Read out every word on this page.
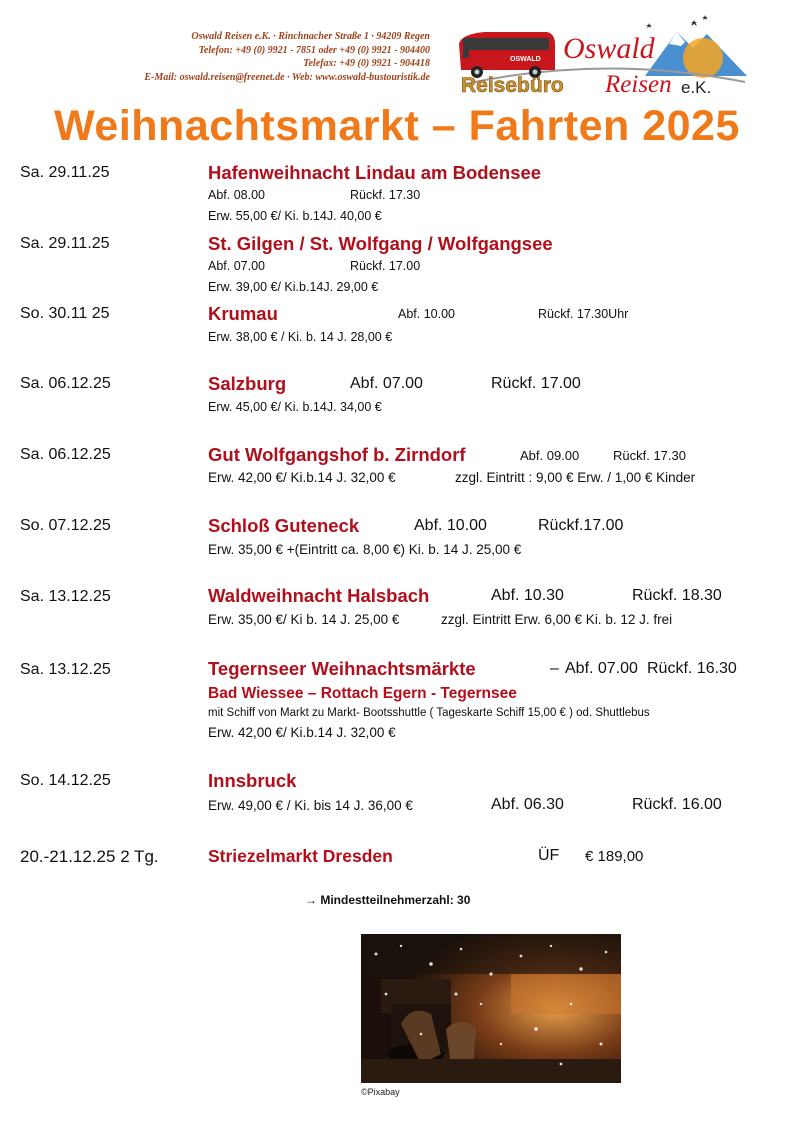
Oswald Reisen e.K. · Rinchnacher Straße 1 · 94209 Regen
Telefon: +49 (0) 9921 - 7851 oder +49 (0) 9921 - 904400
Telefax: +49 (0) 9921 - 904418
E-Mail: oswald.reisen@freenet.de · Web: www.oswald-bustouristik.de
OSWALD Oswald
Reisebüro Reisen e.K.
Weihnachtsmarkt – Fahrten 2025
Sa. 29.11.25	Hafenweihnacht Lindau am Bodensee
Abf. 08.00	Rückf. 17.30
Erw. 55,00 €/ Ki. b.14J. 40,00 €
Sa. 29.11.25	St. Gilgen / St. Wolfgang / Wolfgangsee
Abf. 07.00	Rückf. 17.00
Erw. 39,00 €/ Ki.b.14J. 29,00 €
So. 30.11 25	Krumau	Abf. 10.00	Rückf. 17.30Uhr
Erw. 38,00 € / Ki. b. 14 J. 28,00 €
Sa. 06.12.25	Salzburg	Abf. 07.00	Rückf. 17.00
Erw. 45,00 €/ Ki. b.14J. 34,00 €
Sa. 06.12.25	Gut Wolfgangshof b. Zirndorf	Abf. 09.00	Rückf. 17.30
Erw. 42,00 €/ Ki.b.14 J. 32,00 €	zzgl. Eintritt : 9,00 € Erw. / 1,00 € Kinder
So. 07.12.25	Schloß Guteneck	Abf. 10.00	Rückf.17.00
Erw. 35,00 € +(Eintritt ca. 8,00 €) Ki. b. 14 J. 25,00 €
Sa. 13.12.25	Waldweihnacht Halsbach	Abf. 10.30	Rückf. 18.30
Erw. 35,00 €/ Ki b. 14 J. 25,00 €	zzgl. Eintritt Erw. 6,00 € Ki. b. 12 J. frei
Sa. 13.12.25	Tegernseer Weihnachtsmärkte	– Abf. 07.00 Rückf. 16.30
Bad Wiessee – Rottach Egern - Tegernsee
mit Schiff von Markt zu Markt- Bootsshuttle ( Tageskarte Schiff 15,00 € ) od. Shuttlebus
Erw. 42,00 €/ Ki.b.14 J. 32,00 €
So. 14.12.25	Innsbruck
Erw. 49,00 € / Ki. bis 14 J. 36,00 €	Abf. 06.30	Rückf. 16.00
20.-21.12.25 2 Tg.	Striezelmarkt Dresden	ÜF € 189,00
→ Mindestteilnehmerzahl: 30
©Pixabay
